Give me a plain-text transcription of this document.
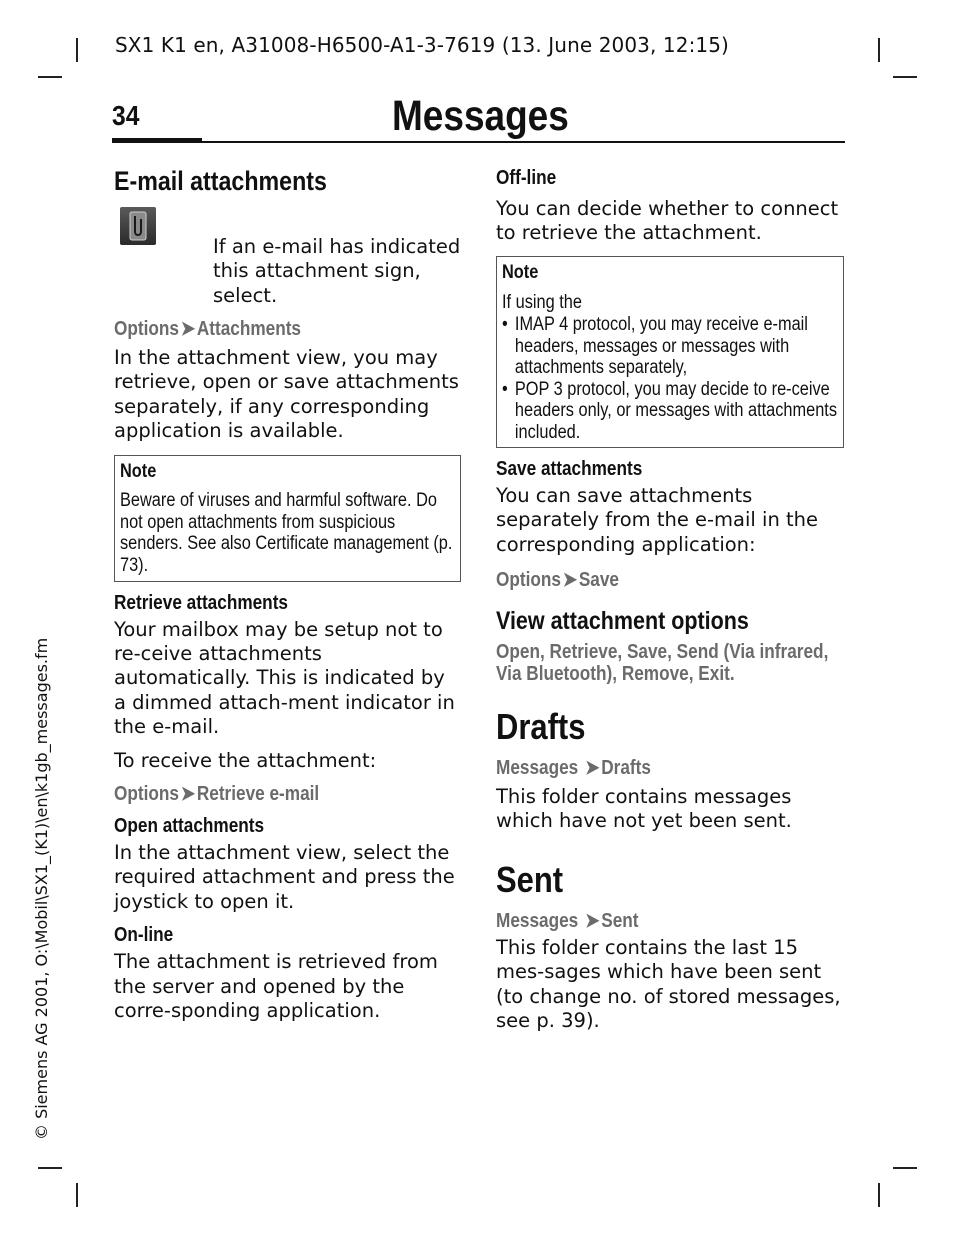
SX1 K1 en, A31008-H6500-A1-3-7619 (13. June 2003, 12:15)
© Siemens AG 2001, O:\Mobil\SX1_(K1)\en\k1gb_messages.fm
34	Messages
E-mail attachments

If an e-mail has indicated this attachment sign, select.

Options➤Attachments

In the attachment view, you may retrieve, open or save attachments separately, if any corresponding application is available.

Note
Beware of viruses and harmful software. Do not open attachments from suspicious senders. See also Certificate management (p. 73).
Retrieve attachments

Your mailbox may be setup not to re-ceive attachments automatically. This is indicated by a dimmed attach-ment indicator in the e-mail.

To receive the attachment:

Options➤Retrieve e-mail
Open attachments

In the attachment view, select the required attachment and press the joystick to open it.

On-line

The attachment is retrieved from the server and opened by the corre-sponding application.

Off-line

You can decide whether to connect to retrieve the attachment.

Note
If using the
• IMAP 4 protocol, you may receive e-mail headers, messages or messages with attachments separately,
• POP 3 protocol, you may decide to re-ceive headers only, or messages with attachments included.
Save attachments

You can save attachments separately from the e-mail in the corresponding application:

Options➤Save
View attachment options
Open, Retrieve, Save, Send (Via infrared, Via Bluetooth), Remove, Exit.
Drafts
Messages ➤Drafts

This folder contains messages which have not yet been sent.

Sent
Messages ➤Sent

This folder contains the last 15 mes-sages which have been sent (to change no. of stored messages, see p. 39).
